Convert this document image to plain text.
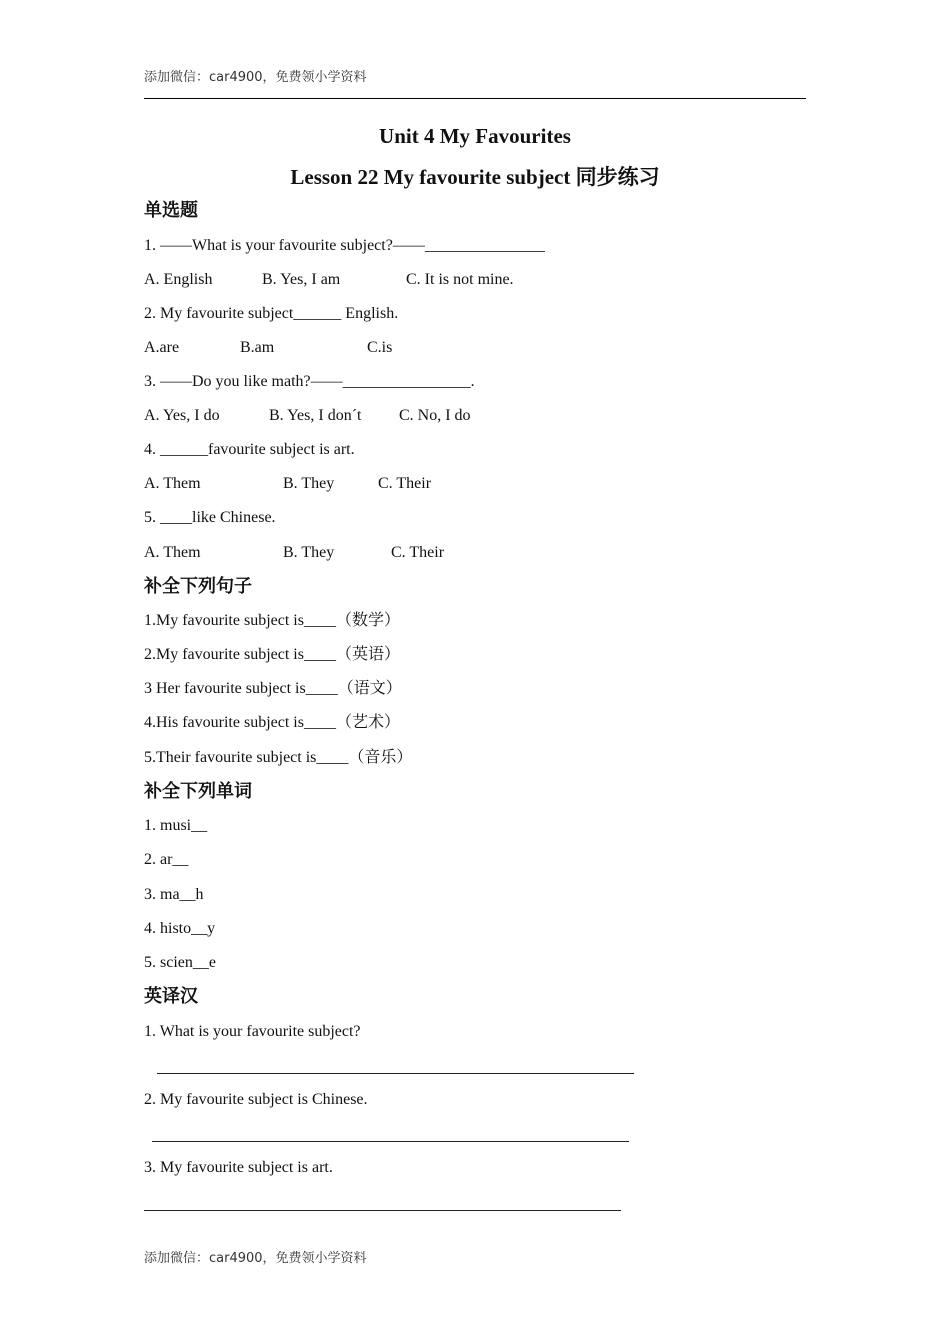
添加微信：car4900，免费领小学资料
Unit 4 My Favourites
Lesson 22 My favourite subject 同步练习
单选题
1. ——What is your favourite subject?——_______________
A. English	B. Yes, I am	C. It is not mine.
2. My favourite subject______ English.
A.are	B.am	C.is
3. ——Do you like math?——________________.
A. Yes, I do	B. Yes, I don´t C. No, I do
4. ______favourite subject is art.
A. Them	B. They	C. Their
5. ____like Chinese.
A. Them	B. They	C. Their
补全下列句子
1.My favourite subject is____（数学）
2.My favourite subject is____（英语）
3 Her favourite subject is____（语文）
4.His favourite subject is____（艺术）
5.Their favourite subject is____（音乐）
补全下列单词
1. musi__
2. ar__
3. ma__h
4. histo__y
5. scien__e
英译汉
1. What is your favourite subject?
2. My favourite subject is Chinese.
3. My favourite subject is art.
添加微信：car4900，免费领小学资料
